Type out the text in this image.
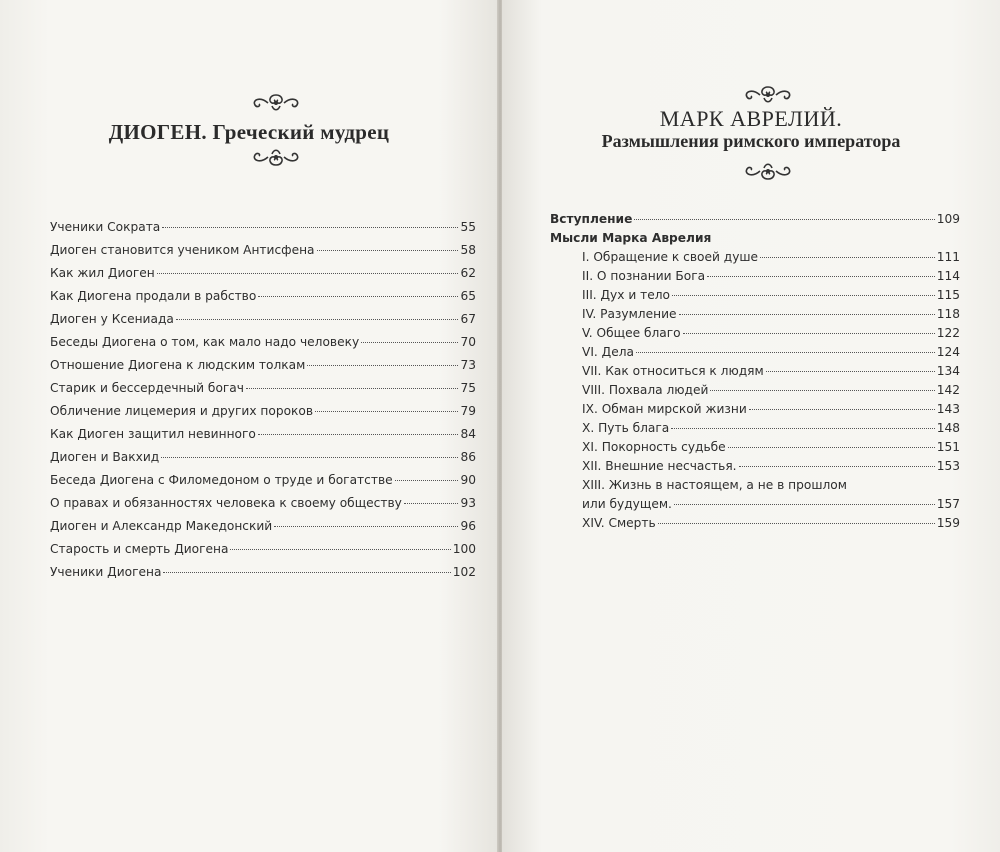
ДИОГЕН. Греческий мудрец
Ученики Сократа	55
Диоген становится учеником Антисфена	58
Как жил Диоген	62
Как Диогена продали в рабство	65
Диоген у Ксениада	67
Беседы Диогена о том, как мало надо человеку	70
Отношение Диогена к людским толкам	73
Старик и бессердечный богач	75
Обличение лицемерия и других пороков	79
Как Диоген защитил невинного	84
Диоген и Вакхид	86
Беседа Диогена с Филомедоном о труде и богатстве	90
О правах и обязанностях человека к своему обществу	93
Диоген и Александр Македонский	96
Старость и смерть Диогена	100
Ученики Диогена	102
МАРК АВРЕЛИЙ.
Размышления римского императора
Вступление	109
Мысли Марка Аврелия
I. Обращение к своей душе	111
II. О познании Бога	114
III. Дух и тело	115
IV. Разумление	118
V. Общее благо	122
VI. Дела	124
VII. Как относиться к людям	134
VIII. Похвала людей	142
IX. Обман мирской жизни	143
X. Путь блага	148
XI. Покорность судьбе	151
XII. Внешние несчастья.	153
XIII. Жизнь в настоящем, а не в прошлом
или будущем.	157
XIV. Смерть	159
